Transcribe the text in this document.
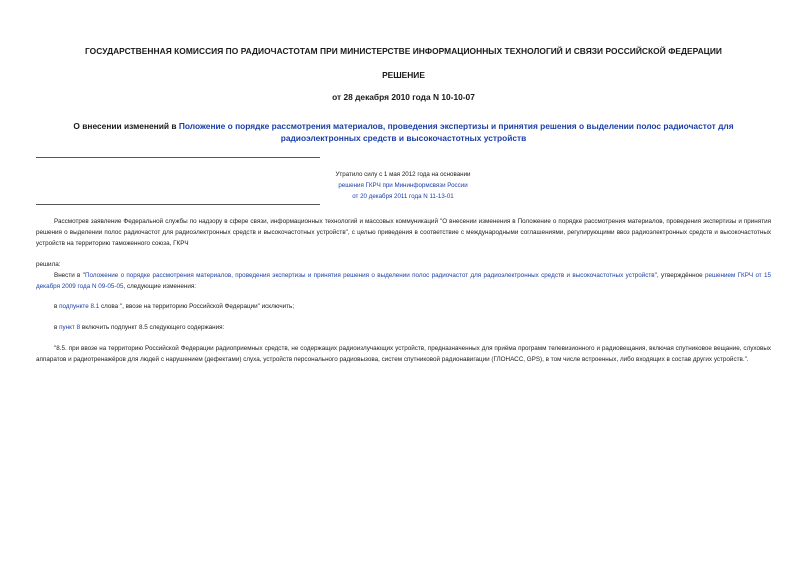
ГОСУДАРСТВЕННАЯ КОМИССИЯ ПО РАДИОЧАСТОТАМ ПРИ МИНИСТЕРСТВЕ ИНФОРМАЦИОННЫХ ТЕХНОЛОГИЙ И СВЯЗИ РОССИЙСКОЙ ФЕДЕРАЦИИ
РЕШЕНИЕ
от 28 декабря 2010 года N 10-10-07
О внесении изменений в Положение о порядке рассмотрения материалов, проведения экспертизы и принятия решения о выделении полос радиочастот для радиоэлектронных средств и высокочастотных устройств
Утратило силу с 1 мая 2012 года на основании
решения ГКРЧ при Мининформсвязи России
от 20 декабря 2011 года N 11-13-01
Рассмотрев заявление Федеральной службы по надзору в сфере связи, информационных технологий и массовых коммуникаций "О внесении изменения в Положение о порядке рассмотрения материалов, проведения экспертизы и принятия решения о выделении полос радиочастот для радиоэлектронных средств и высокочастотных устройств", с целью приведения в соответствие с международными соглашениями, регулирующими ввоз радиоэлектронных средств и высокочастотных устройств на территорию таможенного союза, ГКРЧ
решила:
Внести в "Положение о порядке рассмотрения материалов, проведения экспертизы и принятия решения о выделении полос радиочастот для радиоэлектронных средств и высокочастотных устройств", утверждённое решением ГКРЧ от 15 декабря 2009 года N 09-05-05, следующие изменения:
в подпункте 8.1 слова ", ввозе на территорию Российской Федерации" исключить;
в пункт 8 включить подпункт 8.5 следующего содержания:
"8.5. при ввозе на территорию Российской Федерации радиоприемных средств, не содержащих радиоизлучающих устройств, предназначенных для приёма программ телевизионного и радиовещания, включая спутниковое вещание, слуховых аппаратов и радиотренажёров для людей с нарушением (дефектами) слуха, устройств персонального радиовызова, систем спутниковой радионавигации (ГЛОНАСС, GPS), в том числе встроенных, либо входящих в состав других устройств.".
